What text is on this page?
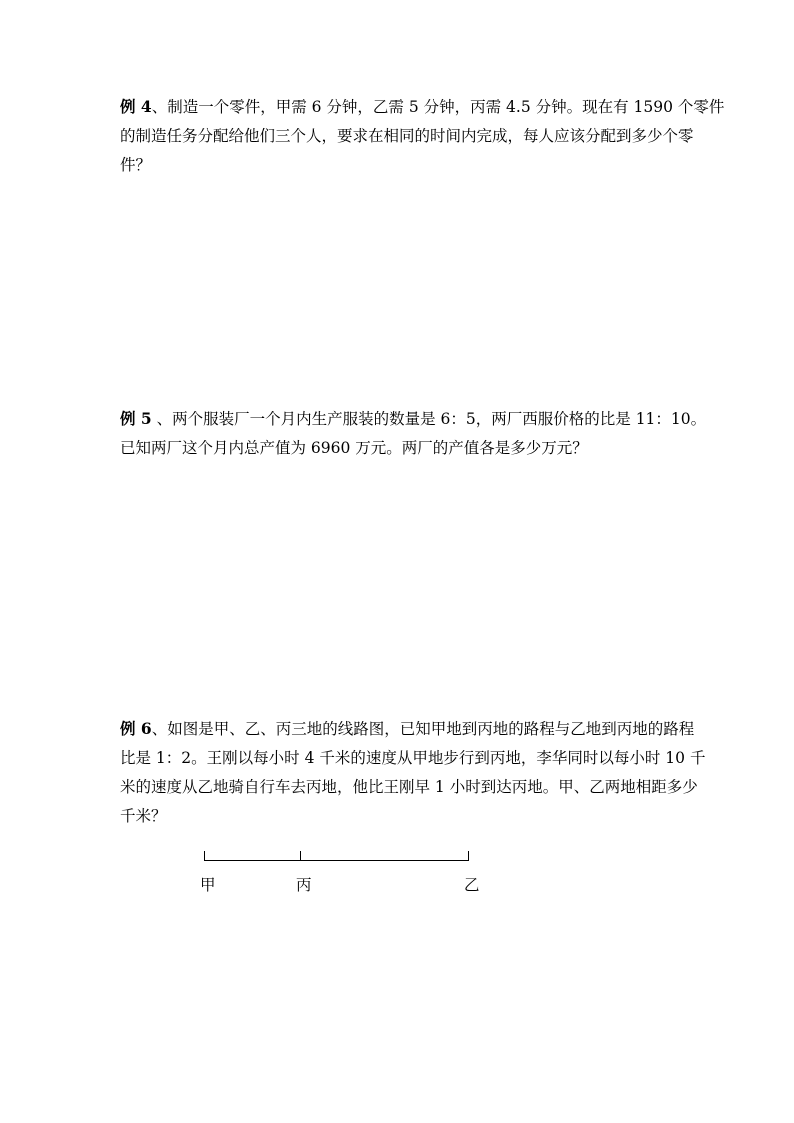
例 4、制造一个零件，甲需 6 分钟，乙需 5 分钟，丙需 4.5 分钟。现在有 1590 个零件

的制造任务分配给他们三个人，要求在相同的时间内完成，每人应该分配到多少个零

件？

例 5 、两个服装厂一个月内生产服装的数量是 6：5，两厂西服价格的比是 11：10。

已知两厂这个月内总产值为 6960 万元。两厂的产值各是多少万元？

例 6、如图是甲、乙、丙三地的线路图，已知甲地到丙地的路程与乙地到丙地的路程

比是 1：2。王刚以每小时 4 千米的速度从甲地步行到丙地，李华同时以每小时 10 千

米的速度从乙地骑自行车去丙地，他比王刚早 1 小时到达丙地。甲、乙两地相距多少

千米？

甲	丙	乙
